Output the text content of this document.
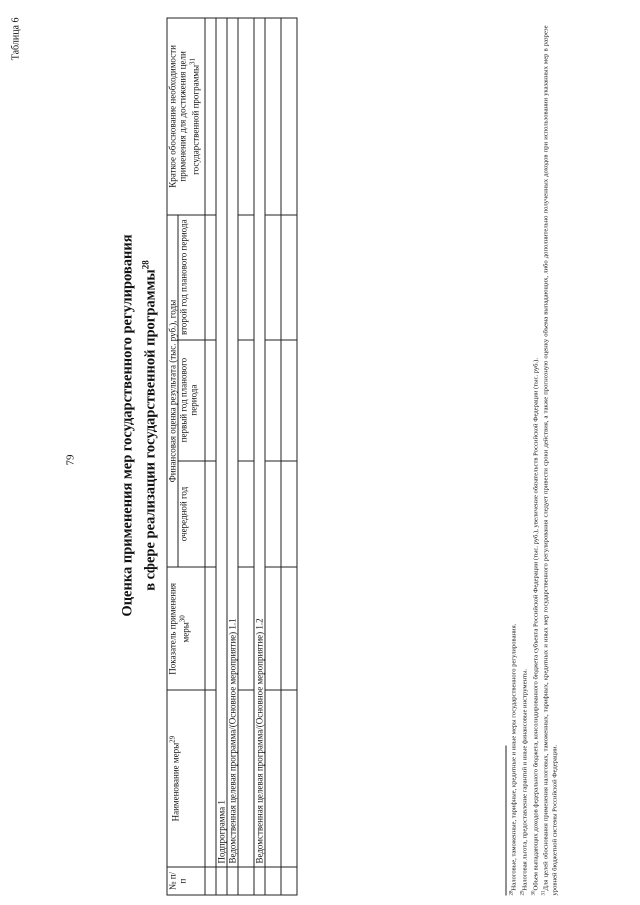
79
Таблица 6
Оценка применения мер государственного регулирования в сфере реализации государственной программы$^{28}$
№ п/п	Наименование меры$^{29}$	Показатель применения меры$^{30}$	Финансовая оценка результата (тыс. руб.), годы			Краткое обоснование необходимости применения для достижения цели государственной программы$^{31}$
			очередной год	первый год планового периода	второй год планового периода	

	Подпрограмма 1					
	Ведомственная целевая программа/(Основное мероприятие) 1.1					

	Ведомственная целевая программа/(Основное мероприятие) 1.2					

$^{28}$Налоговые, таможенные, тарифные, кредитные и иные меры государственного регулирования.

$^{29}$Налоговая льгота, предоставление гарантий и иные финансовые инструменты.

$^{30}$Объем выпадающих доходов федерального бюджета, консолидированного бюджета субъекта Российской Федерации (тыс. руб.), увеличение обязательств Российской Федерации (тыс. руб.).

$^{31}$Для целей обоснования применения налоговых, таможенных, тарифных, кредитных и иных мер государственного регулирования следует привести сроки действия, а также прогнозную оценку объема выпадающих, либо дополнительно полученных доходов при использовании указанных мер в разрезе уровней бюджетной системы Российской Федерации.
